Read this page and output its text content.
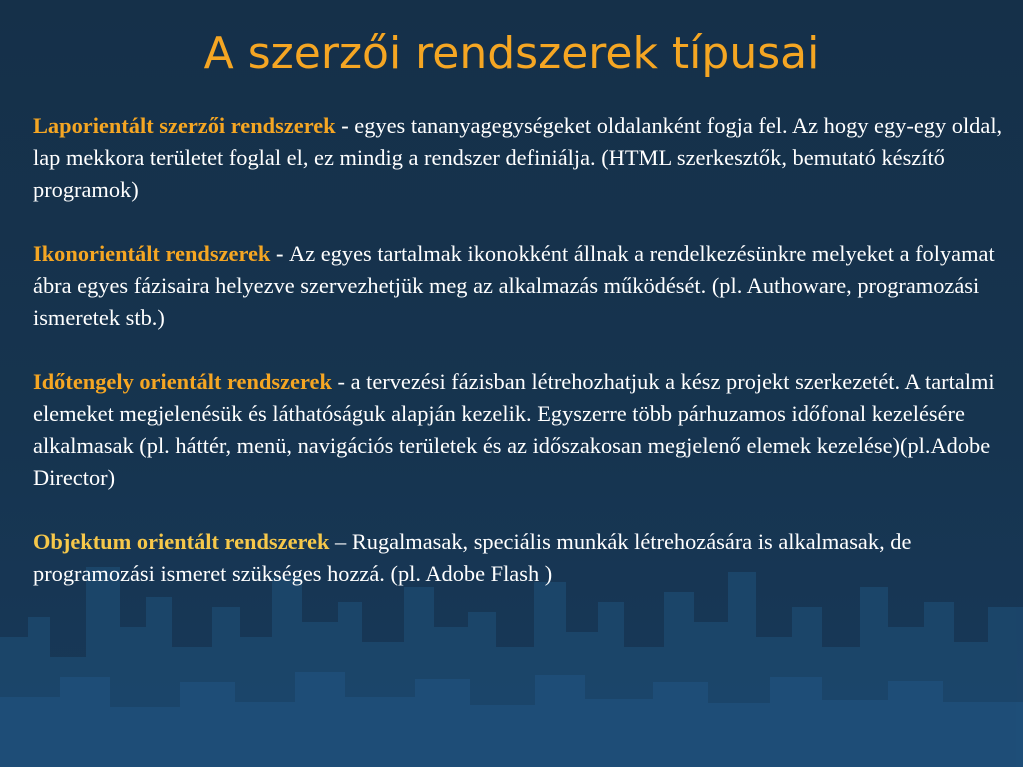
A szerzői rendszerek típusai

Laporientált szerzői rendszerek - egyes tananyagegységeket oldalanként fogja fel. Az hogy egy-egy oldal, lap mekkora területet foglal el, ez mindig a rendszer definiálja. (HTML szerkesztők, bemutató készítő programok)

Ikonorientált rendszerek - Az egyes tartalmak ikonokként állnak a rendelkezésünkre melyeket a folyamat ábra egyes fázisaira helyezve szervezhetjük meg az alkalmazás működését. (pl. Authoware, programozási ismeretek stb.)

Időtengely orientált rendszerek - a tervezési fázisban létrehozhatjuk a kész projekt szerkezetét. A tartalmi elemeket megjelenésük és láthatóságuk alapján kezelik. Egyszerre több párhuzamos időfonal kezelésére alkalmasak (pl. háttér, menü, navigációs területek és az időszakosan megjelenő elemek kezelése)(pl.Adobe Director)

Objektum orientált rendszerek – Rugalmasak, speciális munkák létrehozására is alkalmasak, de programozási ismeret szükséges hozzá. (pl. Adobe Flash )
